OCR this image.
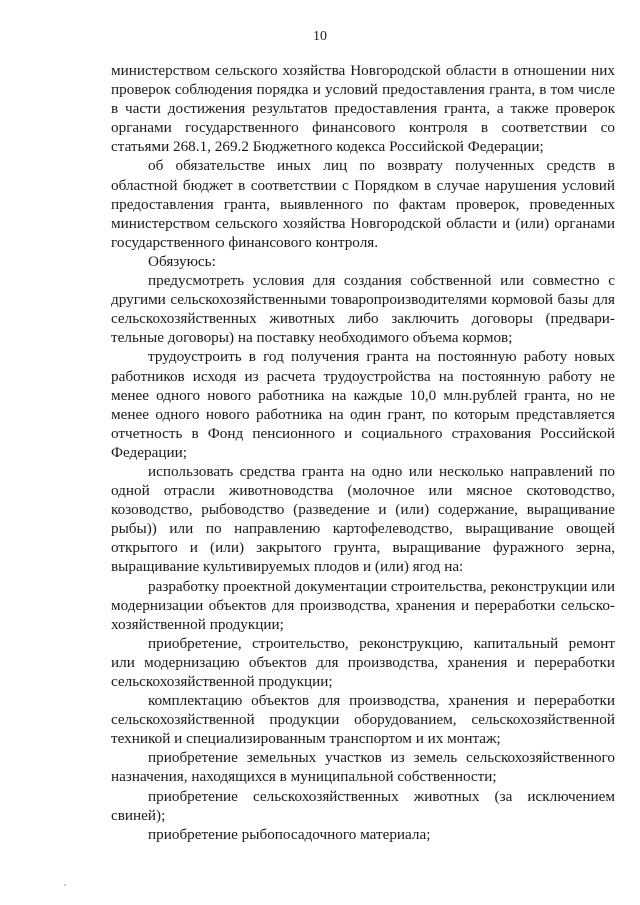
10

министерством сельского хозяйства Новгородской области в отношении них проверок соблюдения порядка и условий предоставления гранта, в том числе в части достижения результатов предоставления гранта, а также проверок органами государственного финансового контроля в соответствии со статьями 268.1, 269.2 Бюджетного кодекса Российской Федерации;

об обязательстве иных лиц по возврату полученных средств в областной бюджет в соответствии с Порядком в случае нарушения условий предоставления гранта, выявленного по фактам проверок, проведенных министерством сельского хозяйства Новгородской области и (или) органами государственного финансового контроля.

Обязуюсь:

предусмотреть условия для создания собственной или совместно с другими сельскохозяйственными товаропроизводителями кормовой базы для сельскохозяйственных животных либо заключить договоры (предвари-тельные договоры) на поставку необходимого объема кормов;

трудоустроить в год получения гранта на постоянную работу новых работников исходя из расчета трудоустройства на постоянную работу не менее одного нового работника на каждые 10,0 млн.рублей гранта, но не менее одного нового работника на один грант, по которым представляется отчетность в Фонд пенсионного и социального страхования Российской Федерации;

использовать средства гранта на одно или несколько направлений по одной отрасли животноводства (молочное или мясное скотоводство, козоводство, рыбоводство (разведение и (или) содержание, выращивание рыбы)) или по направлению картофелеводство, выращивание овощей открытого и (или) закрытого грунта, выращивание фуражного зерна, выращивание культивируемых плодов и (или) ягод на:

разработку проектной документации строительства, реконструкции или модернизации объектов для производства, хранения и переработки сельско-хозяйственной продукции;

приобретение, строительство, реконструкцию, капитальный ремонт или модернизацию объектов для производства, хранения и переработки сельскохозяйственной продукции;

комплектацию объектов для производства, хранения и переработки сельскохозяйственной продукции оборудованием, сельскохозяйственной техникой и специализированным транспортом и их монтаж;

приобретение земельных участков из земель сельскохозяйственного назначения, находящихся в муниципальной собственности;

приобретение сельскохозяйственных животных (за исключением свиней);

приобретение рыбопосадочного материала;
